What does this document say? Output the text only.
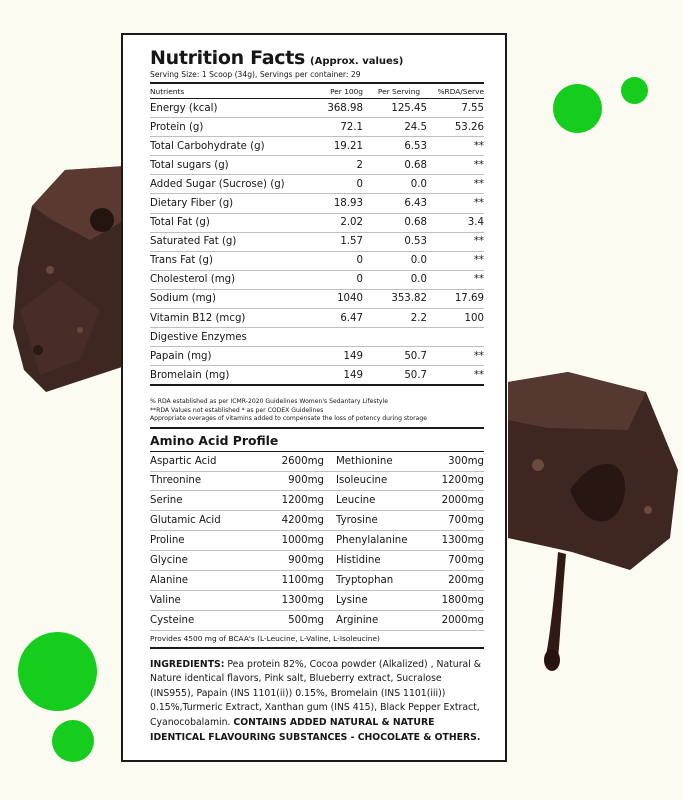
Nutrition Facts (Approx. values)
Serving Size: 1 Scoop (34g), Servings per container: 29
Nutrients	Per 100g	Per Serving	%RDA/Serve
Energy (kcal)	368.98	125.45	7.55
Protein (g)	72.1	24.5	53.26
Total Carbohydrate (g)	19.21	6.53	**
Total sugars (g)	2	0.68	**
Added Sugar (Sucrose) (g)	0	0.0	**
Dietary Fiber (g)	18.93	6.43	**
Total Fat (g)	2.02	0.68	3.4
Saturated Fat (g)	1.57	0.53	**
Trans Fat (g)	0	0.0	**
Cholesterol (mg)	0	0.0	**
Sodium (mg)	1040	353.82	17.69
Vitamin B12 (mcg)	6.47	2.2	100
Digestive Enzymes			
Papain (mg)	149	50.7	**
Bromelain (mg)	149	50.7	**
% RDA established as per ICMR-2020 Guidelines Women's Sedantary Lifestyle
**RDA Values not established * as per CODEX Guidelines
Appropriate overages of vitamins added to compensate the loss of potency during storage
Amino Acid Profile
Aspartic Acid	2600mg	Methionine	300mg
Threonine	900mg	Isoleucine	1200mg
Serine	1200mg	Leucine	2000mg
Glutamic Acid	4200mg	Tyrosine	700mg
Proline	1000mg	Phenylalanine	1300mg
Glycine	900mg	Histidine	700mg
Alanine	1100mg	Tryptophan	200mg
Valine	1300mg	Lysine	1800mg
Cysteine	500mg	Arginine	2000mg
Provides 4500 mg of BCAA's (L-Leucine, L-Valine, L-Isoleucine)
INGREDIENTS: Pea protein 82%, Cocoa powder (Alkalized) , Natural & Nature identical flavors, Pink salt, Blueberry extract, Sucralose (INS955), Papain (INS 1101(ii)) 0.15%, Bromelain (INS 1101(iii)) 0.15%,Turmeric Extract, Xanthan gum (INS 415), Black Pepper Extract, Cyanocobalamin. CONTAINS ADDED NATURAL & NATURE IDENTICAL FLAVOURING SUBSTANCES - CHOCOLATE & OTHERS.
